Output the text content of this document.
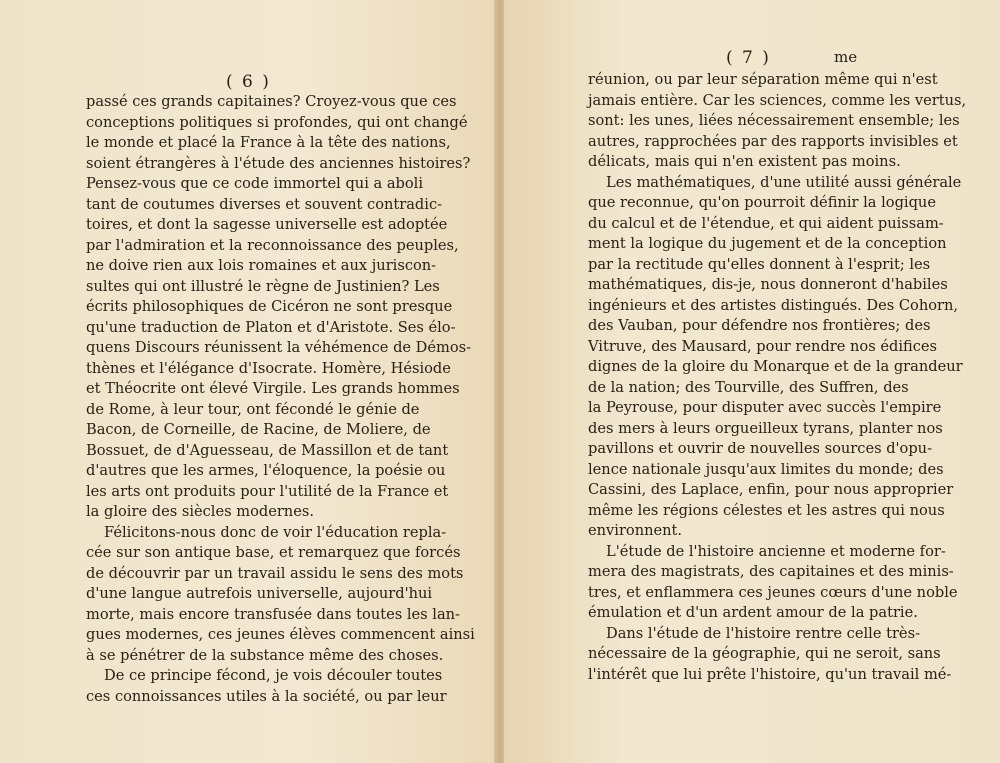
( 6 )
passé ces grands capitaines? Croyez-vous que ces
conceptions politiques si profondes, qui ont changé
le monde et placé la France à la tête des nations,
soient étrangères à l'étude des anciennes histoires?
Pensez-vous que ce code immortel qui a aboli
tant de coutumes diverses et souvent contradic-
toires, et dont la sagesse universelle est adoptée
par l'admiration et la reconnoissance des peuples,
ne doive rien aux lois romaines et aux juriscon-
sultes qui ont illustré le règne de Justinien? Les
écrits philosophiques de Cicéron ne sont presque
qu'une traduction de Platon et d'Aristote. Ses élo-
quens Discours réunissent la véhémence de Démos-
thènes et l'élégance d'Isocrate. Homère, Hésiode
et Théocrite ont élevé Virgile. Les grands hommes
de Rome, à leur tour, ont fécondé le génie de
Bacon, de Corneille, de Racine, de Moliere, de
Bossuet, de d'Aguesseau, de Massillon et de tant
d'autres que les armes, l'éloquence, la poésie ou
les arts ont produits pour l'utilité de la France et
la gloire des siècles modernes.
Félicitons-nous donc de voir l'éducation repla-
cée sur son antique base, et remarquez que forcés
de découvrir par un travail assidu le sens des mots
d'une langue autrefois universelle, aujourd'hui
morte, mais encore transfusée dans toutes les lan-
gues modernes, ces jeunes élèves commencent ainsi
à se pénétrer de la substance même des choses.
De ce principe fécond, je vois découler toutes
ces connoissances utiles à la société, ou par leur
( 7 )	me
réunion, ou par leur séparation même qui n'est
jamais entière. Car les sciences, comme les vertus,
sont: les unes, liées nécessairement ensemble; les
autres, rapprochées par des rapports invisibles et
délicats, mais qui n'en existent pas moins.
Les mathématiques, d'une utilité aussi générale
que reconnue, qu'on pourroit définir la logique
du calcul et de l'étendue, et qui aident puissam-
ment la logique du jugement et de la conception
par la rectitude qu'elles donnent à l'esprit; les
mathématiques, dis-je, nous donneront d'habiles
ingénieurs et des artistes distingués. Des Cohorn,
des Vauban, pour défendre nos frontières; des
Vitruve, des Mausard, pour rendre nos édifices
dignes de la gloire du Monarque et de la grandeur
de la nation; des Tourville, des Suffren, des
la Peyrouse, pour disputer avec succès l'empire
des mers à leurs orgueilleux tyrans, planter nos
pavillons et ouvrir de nouvelles sources d'opu-
lence nationale jusqu'aux limites du monde; des
Cassini, des Laplace, enfin, pour nous approprier
même les régions célestes et les astres qui nous
environnent.
L'étude de l'histoire ancienne et moderne for-
mera des magistrats, des capitaines et des minis-
tres, et enflammera ces jeunes cœurs d'une noble
émulation et d'un ardent amour de la patrie.
Dans l'étude de l'histoire rentre celle très-
nécessaire de la géographie, qui ne seroit, sans
l'intérêt que lui prête l'histoire, qu'un travail mé-
